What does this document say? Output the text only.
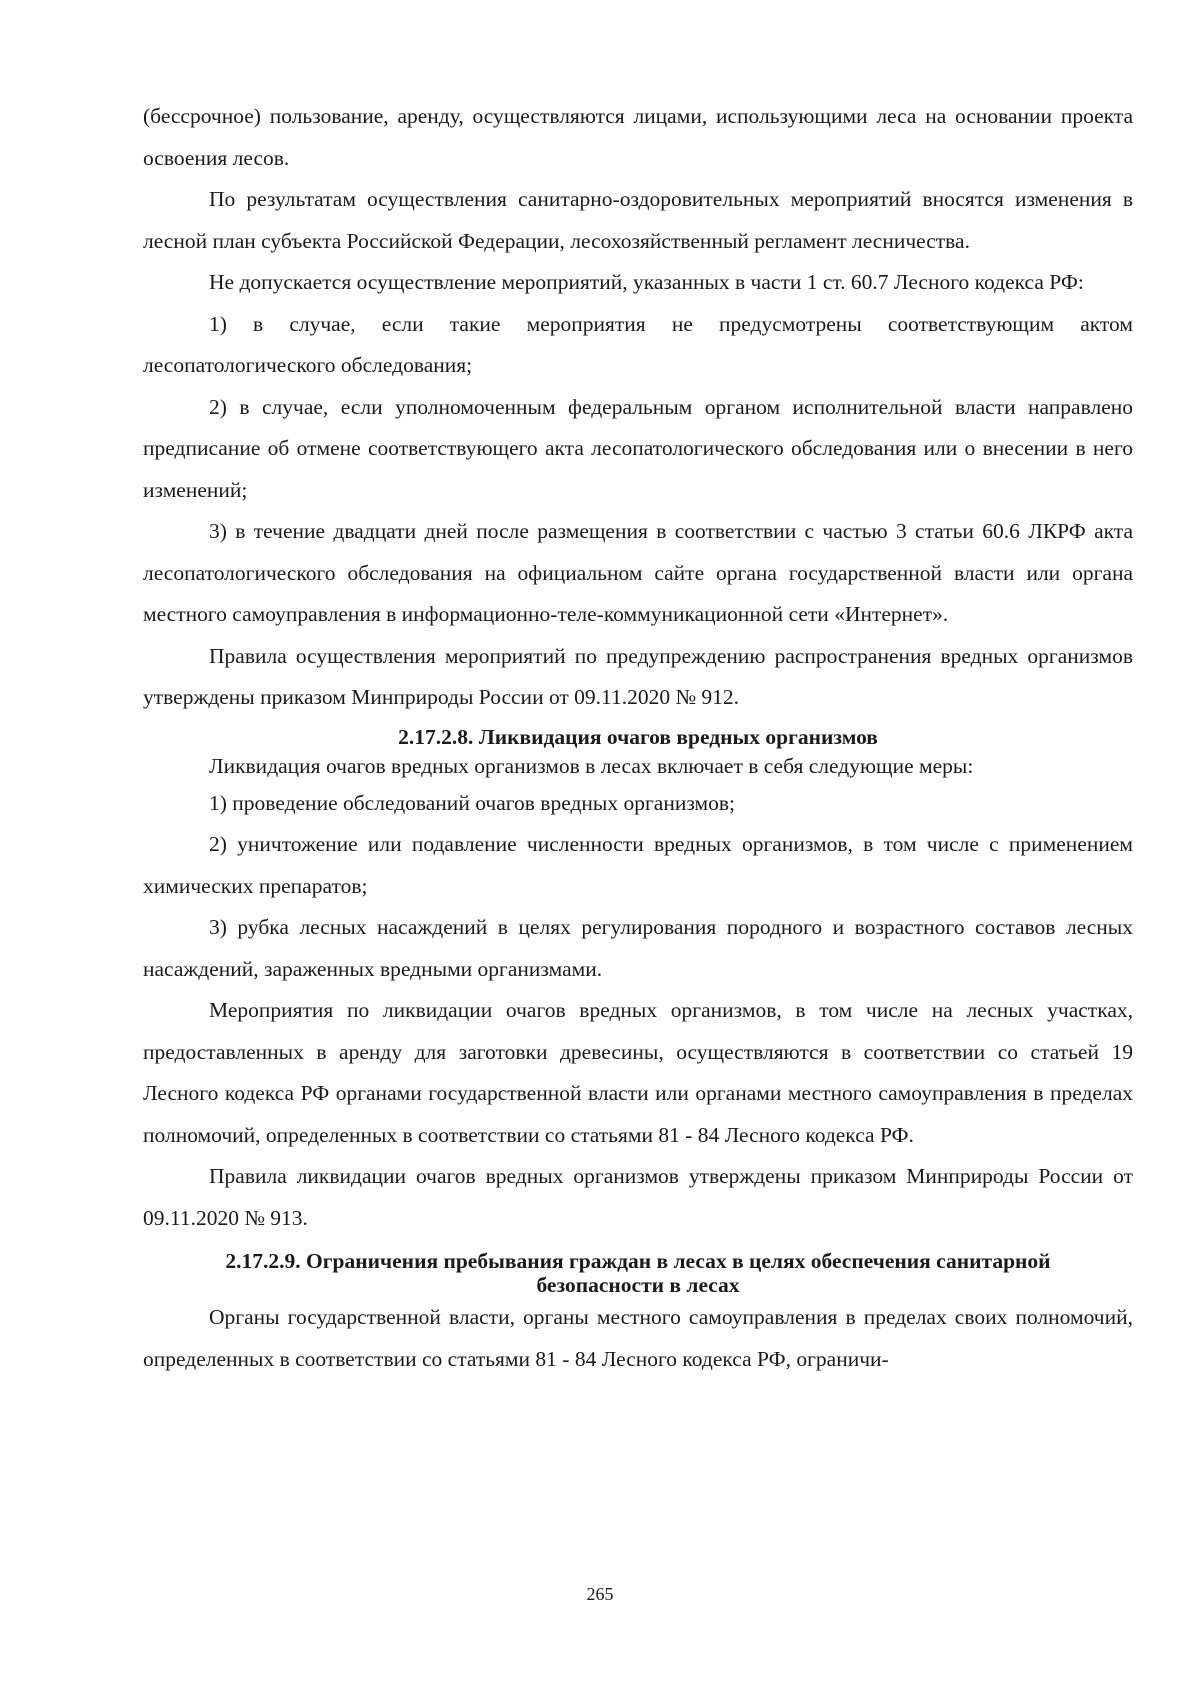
(бессрочное) пользование, аренду, осуществляются лицами, использующими леса на основании проекта освоения лесов.

По результатам осуществления санитарно-оздоровительных мероприятий вносятся изменения в лесной план субъекта Российской Федерации, лесохозяйственный регламент лесничества.

Не допускается осуществление мероприятий, указанных в части 1 ст. 60.7 Лесного кодекса РФ:

1) в случае, если такие мероприятия не предусмотрены соответствующим актом лесопатологического обследования;

2) в случае, если уполномоченным федеральным органом исполнительной власти направлено предписание об отмене соответствующего акта лесопатологического обследования или о внесении в него изменений;

3) в течение двадцати дней после размещения в соответствии с частью 3 статьи 60.6 ЛКРФ акта лесопатологического обследования на официальном сайте органа государственной власти или органа местного самоуправления в информационно-теле-коммуникационной сети «Интернет».

Правила осуществления мероприятий по предупреждению распространения вредных организмов утверждены приказом Минприроды России от 09.11.2020 № 912.

2.17.2.8. Ликвидация очагов вредных организмов

Ликвидация очагов вредных организмов в лесах включает в себя следующие меры:

1) проведение обследований очагов вредных организмов;

2) уничтожение или подавление численности вредных организмов, в том числе с применением химических препаратов;

3) рубка лесных насаждений в целях регулирования породного и возрастного составов лесных насаждений, зараженных вредными организмами.

Мероприятия по ликвидации очагов вредных организмов, в том числе на лесных участках, предоставленных в аренду для заготовки древесины, осуществляются в соответствии со статьей 19 Лесного кодекса РФ органами государственной власти или органами местного самоуправления в пределах полномочий, определенных в соответствии со статьями 81 - 84 Лесного кодекса РФ.

Правила ликвидации очагов вредных организмов утверждены приказом Минприроды России от 09.11.2020 № 913.

2.17.2.9. Ограничения пребывания граждан в лесах в целях обеспечения санитарной
безопасности в лесах

Органы государственной власти, органы местного самоуправления в пределах своих полномочий, определенных в соответствии со статьями 81 - 84 Лесного кодекса РФ, ограничи-

265
